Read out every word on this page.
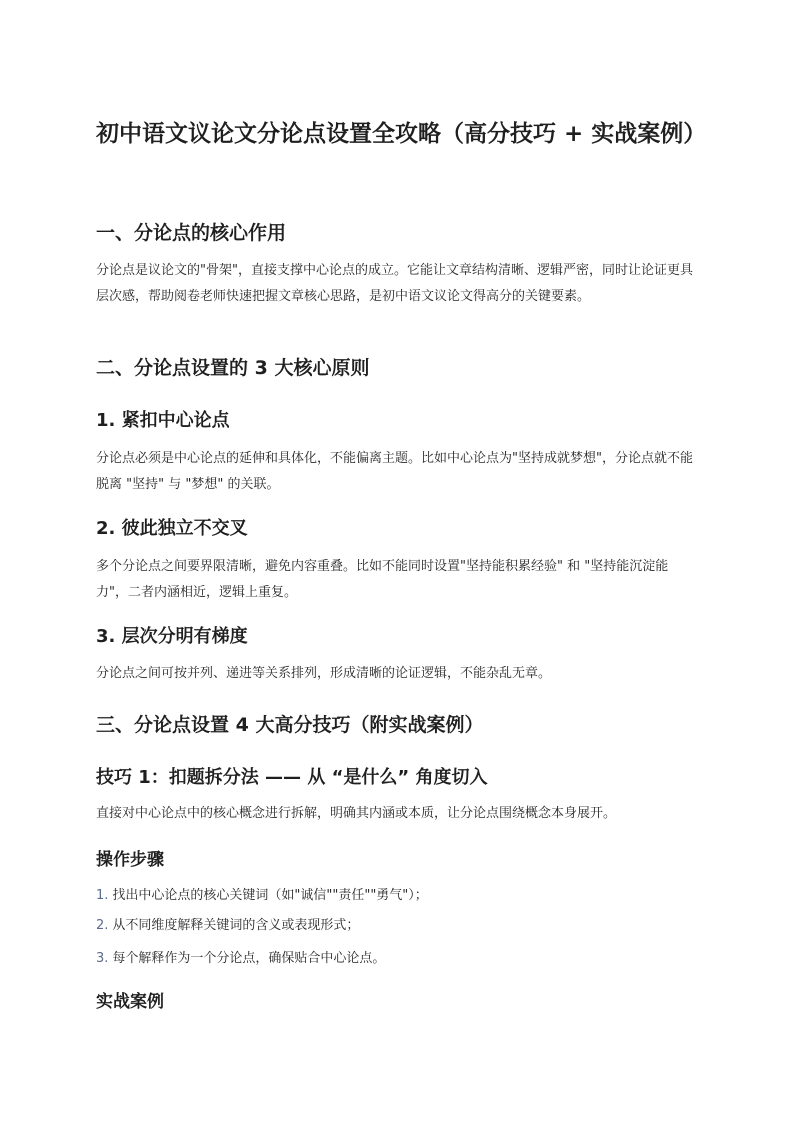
初中语文议论文分论点设置全攻略（高分技巧 + 实战案例）
一、分论点的核心作用

分论点是议论文的"骨架"，直接支撑中心论点的成立。它能让文章结构清晰、逻辑严密，同时让论证更具层次感，帮助阅卷老师快速把握文章核心思路，是初中语文议论文得高分的关键要素。

二、分论点设置的 3 大核心原则
1. 紧扣中心论点

分论点必须是中心论点的延伸和具体化，不能偏离主题。比如中心论点为"坚持成就梦想"，分论点就不能脱离 "坚持" 与 "梦想" 的关联。

2. 彼此独立不交叉

多个分论点之间要界限清晰，避免内容重叠。比如不能同时设置"坚持能积累经验" 和 "坚持能沉淀能力"，二者内涵相近，逻辑上重复。

3. 层次分明有梯度

分论点之间可按并列、递进等关系排列，形成清晰的论证逻辑，不能杂乱无章。

三、分论点设置 4 大高分技巧（附实战案例）
技巧 1：扣题拆分法 —— 从 “是什么” 角度切入

直接对中心论点中的核心概念进行拆解，明确其内涵或本质，让分论点围绕概念本身展开。

操作步骤
1. 找出中心论点的核心关键词（如"诚信""责任""勇气"）；
2. 从不同维度解释关键词的含义或表现形式；
3. 每个解释作为一个分论点，确保贴合中心论点。
实战案例
